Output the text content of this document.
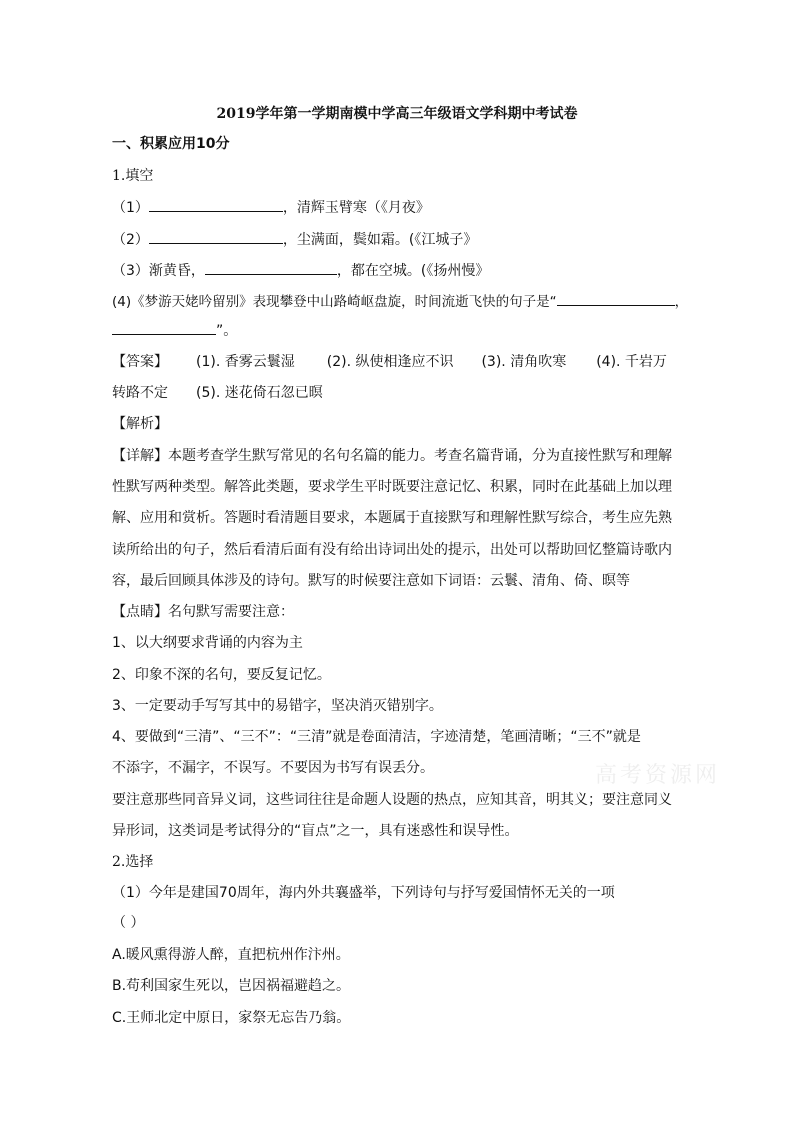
2019学年第一学期南模中学高三年级语文学科期中考试卷
一、积累应用10分
1.填空
（1）	，清辉玉臂寒（《月夜》
（2）	，尘满面，鬓如霜。(《江城子》
（3）渐黄昏，	，都在空城。(《扬州慢》
(4)《梦游天姥吟留别》表现攀登中山路崎岖盘旋，时间流逝飞快的句子是“	，
”。
【答案】 (1). 香雾云鬟湿 (2). 纵使相逢应不识 (3). 清角吹寒 (4). 千岩万
转路不定 (5). 迷花倚石忽已暝
【解析】
【详解】本题考查学生默写常见的名句名篇的能力。考查名篇背诵，分为直接性默写和理解
性默写两种类型。解答此类题，要求学生平时既要注意记忆、积累，同时在此基础上加以理
解、应用和赏析。答题时看清题目要求，本题属于直接默写和理解性默写综合，考生应先熟
读所给出的句子，然后看清后面有没有给出诗词出处的提示，出处可以帮助回忆整篇诗歌内
容，最后回顾具体涉及的诗句。默写的时候要注意如下词语：云鬟、清角、倚、暝等
【点睛】名句默写需要注意：
1、以大纲要求背诵的内容为主
2、印象不深的名句，要反复记忆。
3、一定要动手写写其中的易错字，坚决消灭错别字。
4、要做到“三清”、“三不”：“三清”就是卷面清洁，字迹清楚，笔画清晰；“三不”就是
不添字，不漏字，不误写。不要因为书写有误丢分。
要注意那些同音异义词，这些词往往是命题人设题的热点，应知其音，明其义；要注意同义
异形词，这类词是考试得分的“盲点”之一，具有迷惑性和误导性。
2.选择
（1）今年是建国70周年，海内外共襄盛举，下列诗句与抒写爱国情怀无关的一项
（ ）
A.暖风熏得游人醉，直把杭州作汴州。
B.苟利国家生死以，岂因祸福避趋之。
C.王师北定中原日，家祭无忘告乃翁。
高考资源网
